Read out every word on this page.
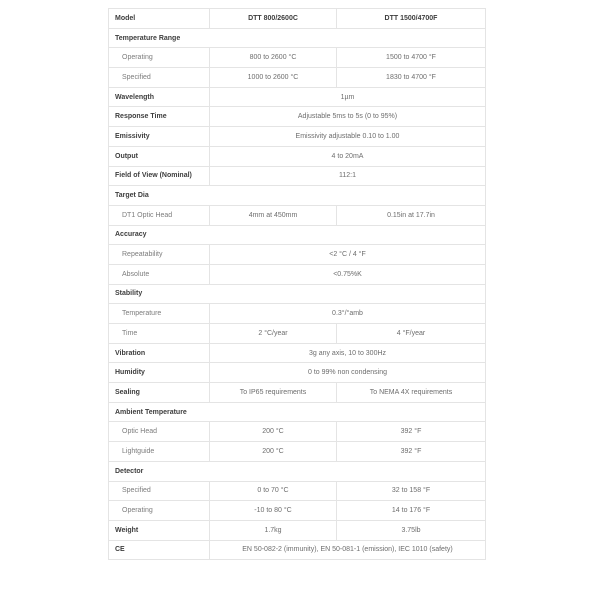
Model	DTT 800/2600C	DTT 1500/4700F
Temperature Range		
Operating	800 to 2600 °C	1500 to 4700 °F
Specified	1000 to 2600 °C	1830 to 4700 °F
Wavelength	1µm	
Response Time	Adjustable 5ms to 5s (0 to 95%)	
Emissivity	Emissivity adjustable 0.10 to 1.00	
Output	4 to 20mA	
Field of View (Nominal)	112:1	
Target Dia		
DT1 Optic Head	4mm at 450mm	0.15in at 17.7in
Accuracy		
Repeatability	<2 °C / 4 °F	
Absolute	<0.75%K	
Stability		
Temperature	0.3°/°amb	
Time	2 °C/year	4 °F/year
Vibration	3g any axis, 10 to 300Hz	
Humidity	0 to 99% non condensing	
Sealing	To IP65 requirements	To NEMA 4X requirements
Ambient Temperature		
Optic Head	200 °C	392 °F
Lightguide	200 °C	392 °F
Detector		
Specified	0 to 70 °C	32 to 158 °F
Operating	-10 to 80 °C	14 to 176 °F
Weight	1.7kg	3.75lb
CE	EN 50-082-2 (immunity), EN 50-081-1 (emission), IEC 1010 (safety)	
